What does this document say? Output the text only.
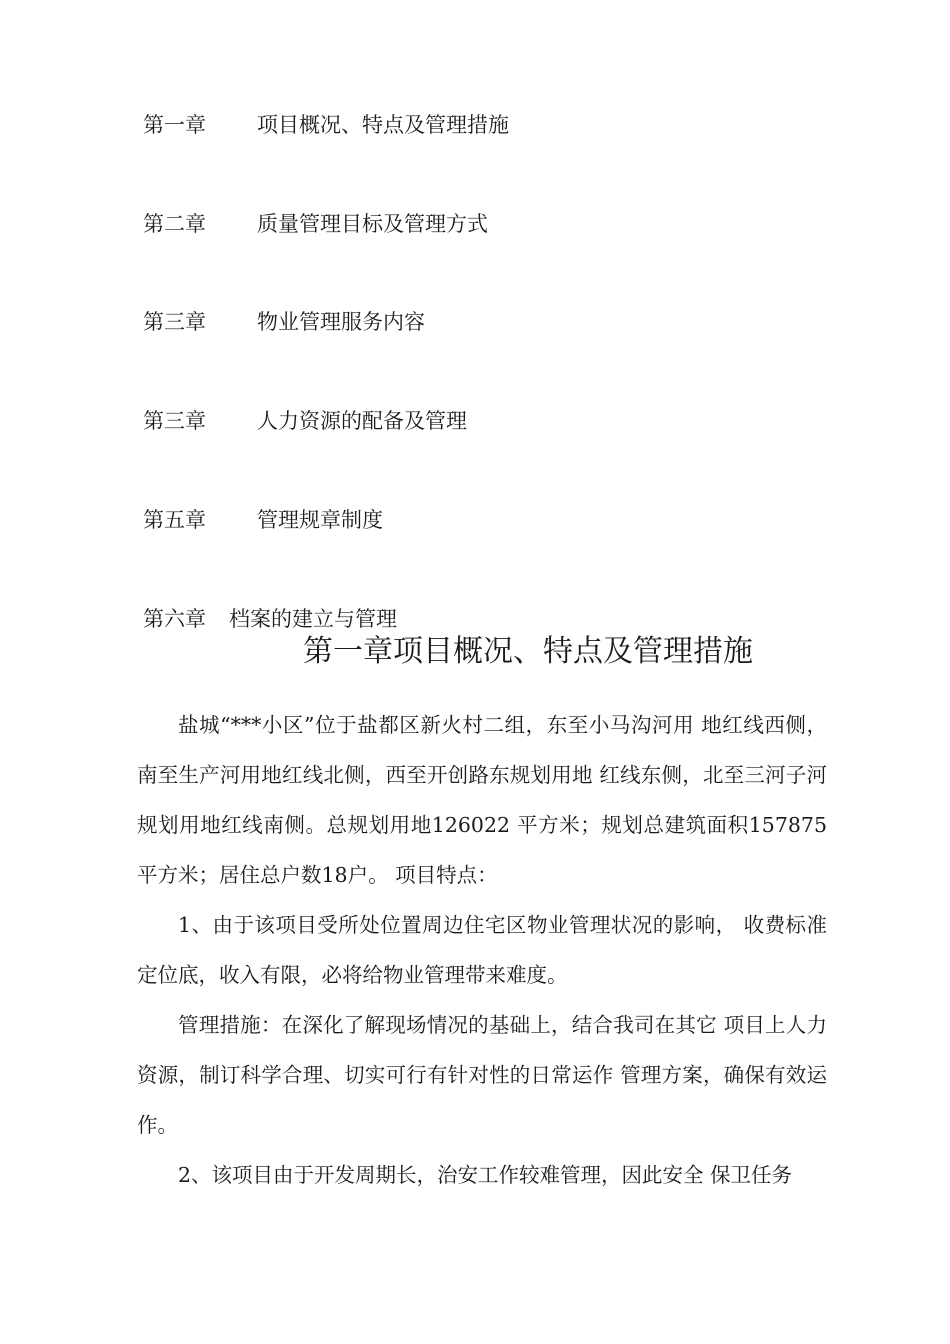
第一章 项目概况、特点及管理措施
第二章 质量管理目标及管理方式
第三章 物业管理服务内容
第三章 人力资源的配备及管理
第五章 管理规章制度
第六章 档案的建立与管理
第一章项目概况、特点及管理措施

盐城“***小区”位于盐都区新火村二组，东至小马沟河用 地红线西侧，南至生产河用地红线北侧，西至开创路东规划用地 红线东侧，北至三河子河规划用地红线南侧。总规划用地126022 平方米；规划总建筑面积157875平方米；居住总户数18户。 项目特点：

1、由于该项目受所处位置周边住宅区物业管理状况的影响， 收费标准定位底，收入有限，必将给物业管理带来难度。

管理措施：在深化了解现场情况的基础上，结合我司在其它 项目上人力资源，制订科学合理、切实可行有针对性的日常运作 管理方案，确保有效运作。

2、该项目由于开发周期长，治安工作较难管理，因此安全 保卫任务
